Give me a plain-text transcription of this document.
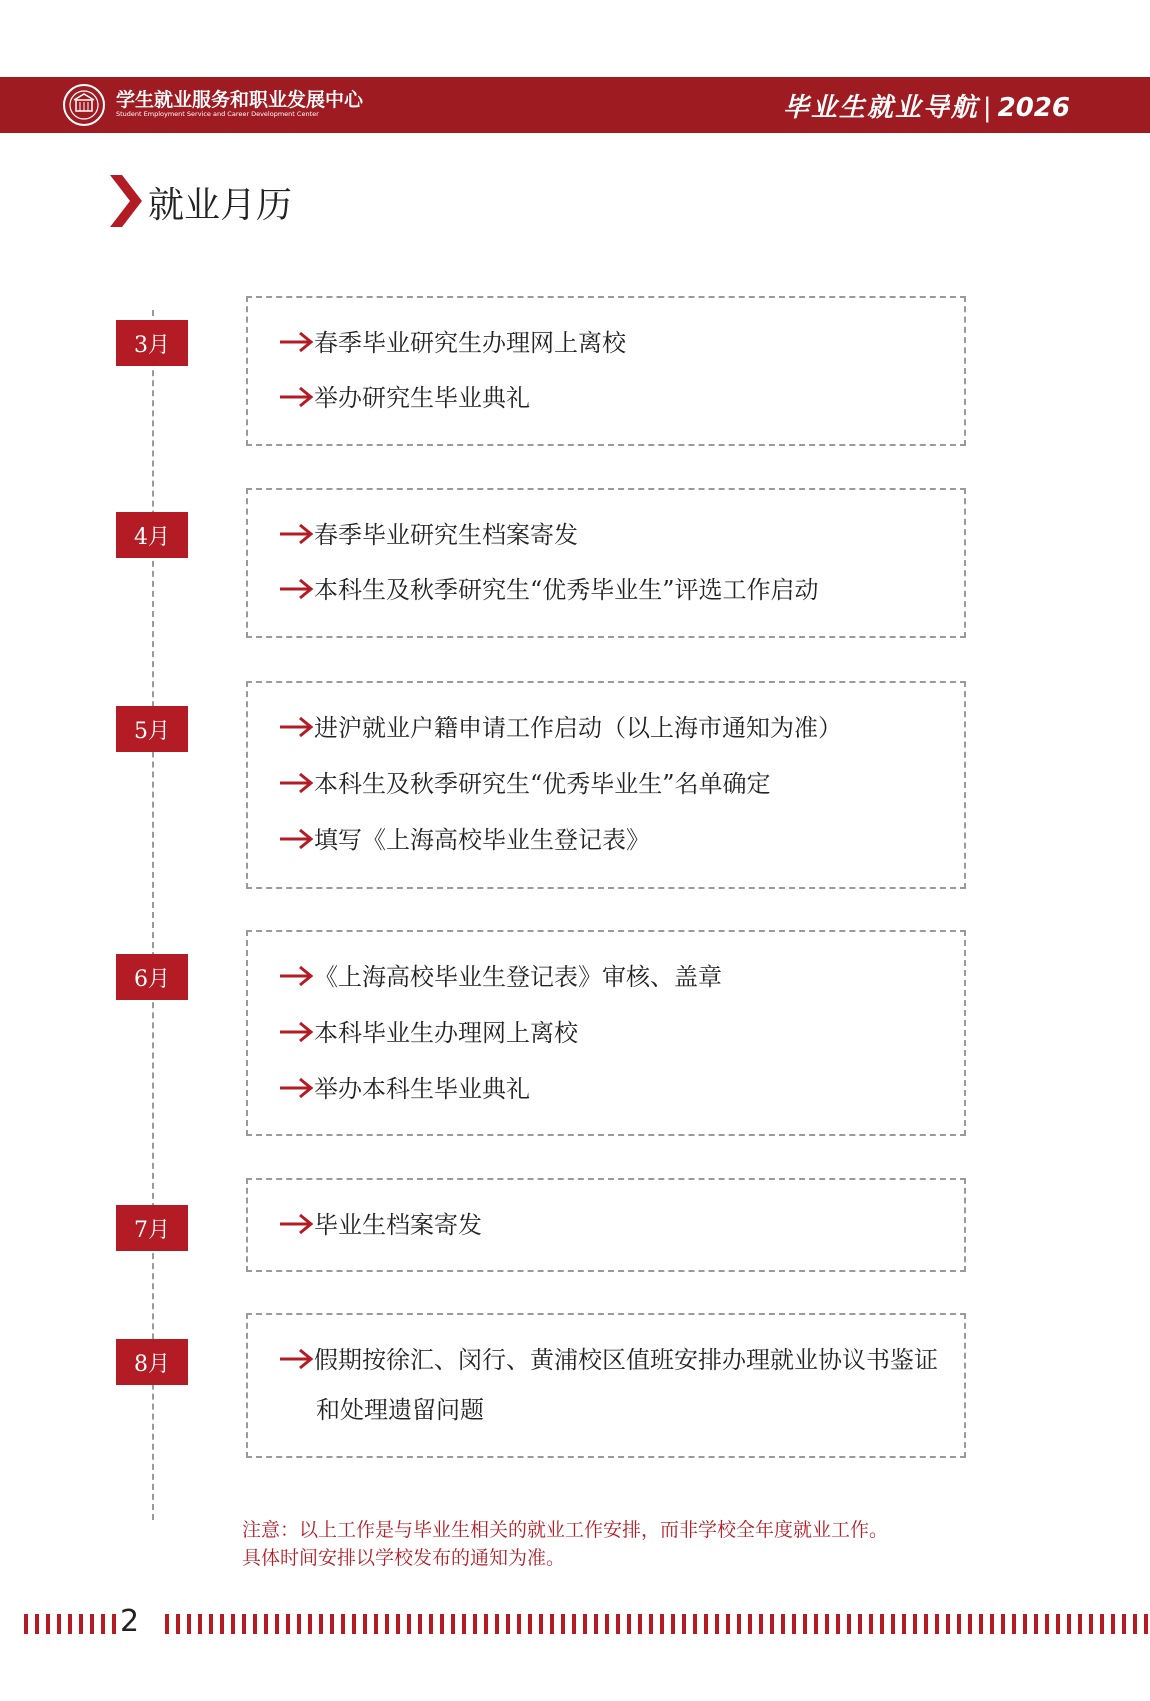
学生就业服务和职业发展中心
Student Employment Service and Career Development Center	毕业生就业导航 | 2026
就业月历
3月	春季毕业研究生办理网上离校
举办研究生毕业典礼
4月	春季毕业研究生档案寄发
本科生及秋季研究生“优秀毕业生”评选工作启动
5月	进沪就业户籍申请工作启动（以上海市通知为准）
本科生及秋季研究生“优秀毕业生”名单确定
填写《上海高校毕业生登记表》
6月	《上海高校毕业生登记表》审核、盖章
本科毕业生办理网上离校
举办本科生毕业典礼
7月	毕业生档案寄发
8月	假期按徐汇、闵行、黄浦校区值班安排办理就业协议书鉴证和处理遗留问题
注意：以上工作是与毕业生相关的就业工作安排，而非学校全年度就业工作。
具体时间安排以学校发布的通知为准。
2
